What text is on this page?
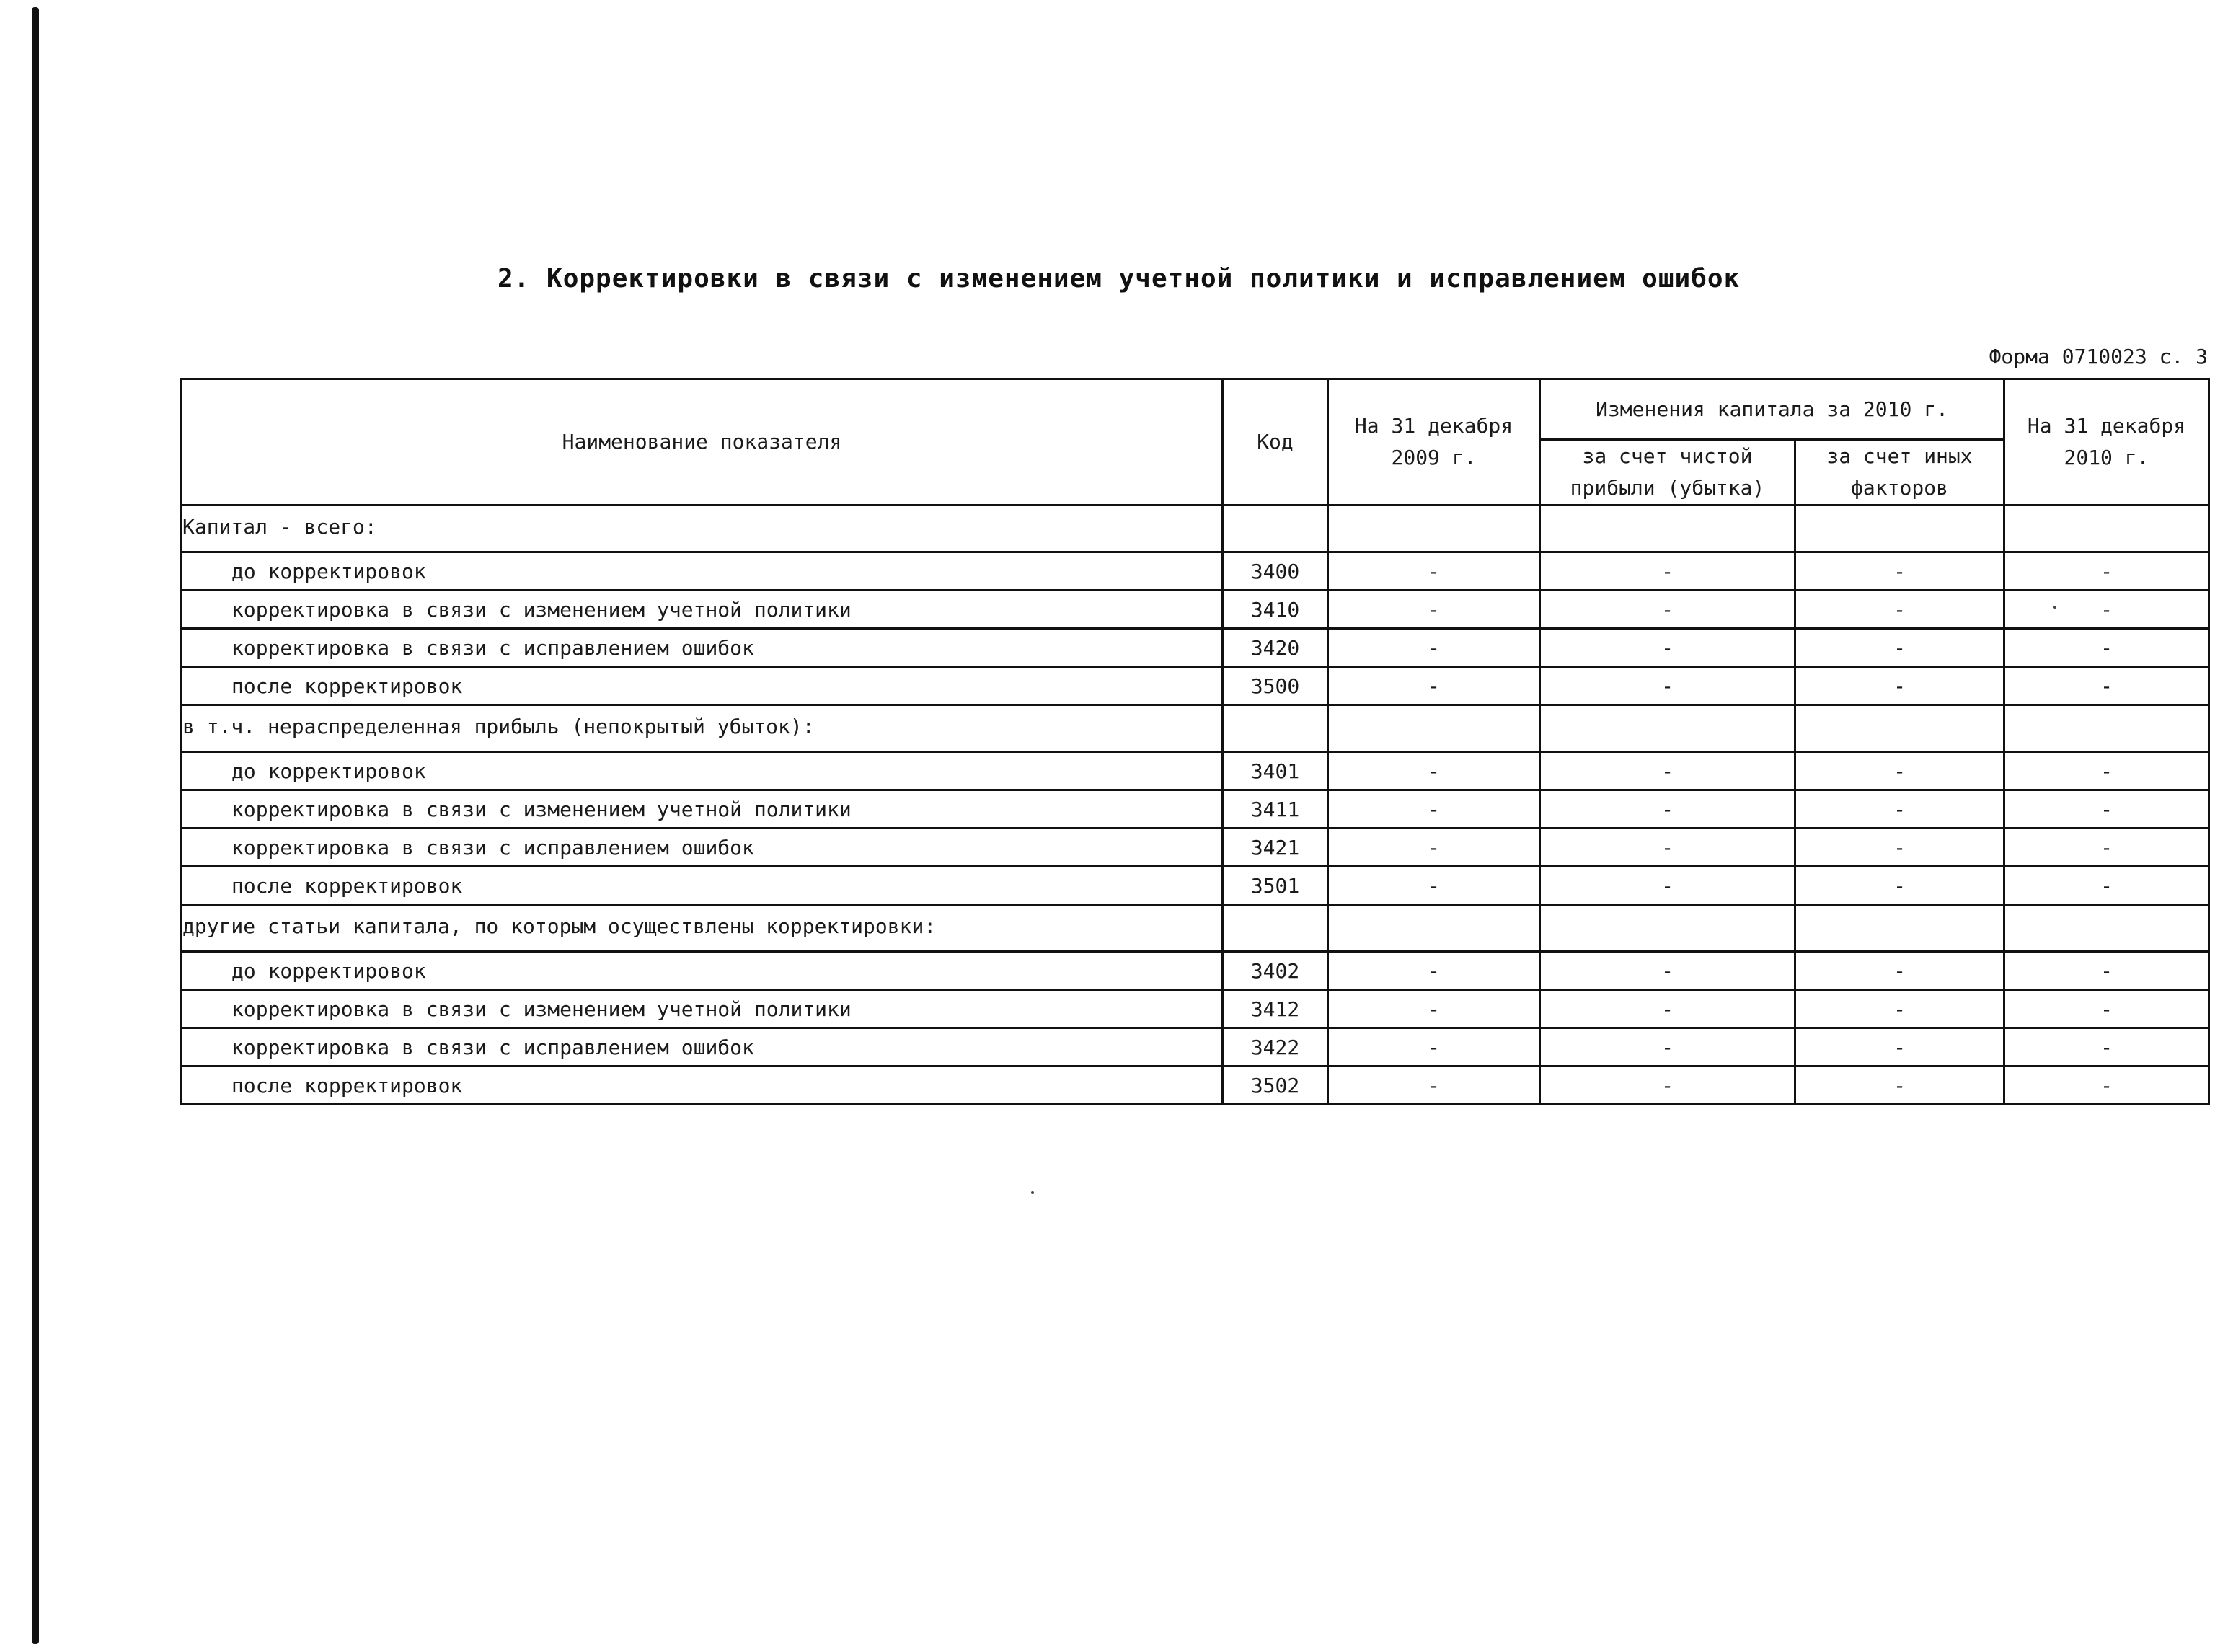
2. Корректировки в связи с изменением учетной политики и исправлением ошибок
Форма 0710023 с. 3
Наименование показателя	Код	На 31 декабря 2009 г.	Изменения капитала за 2010 г.		На 31 декабря 2010 г.
			за счет чистой прибыли (убытка)	за счет иных факторов	
Капитал - всего:					
до корректировок	3400	-	-	-	-
корректировка в связи с изменением учетной политики	3410	-	-	-	-
корректировка в связи с исправлением ошибок	3420	-	-	-	-
после корректировок	3500	-	-	-	-
в т.ч. нераспределенная прибыль (непокрытый убыток):					
до корректировок	3401	-	-	-	-
корректировка в связи с изменением учетной политики	3411	-	-	-	-
корректировка в связи с исправлением ошибок	3421	-	-	-	-
после корректировок	3501	-	-	-	-
другие статьи капитала, по которым осуществлены корректировки:					
до корректировок	3402	-	-	-	-
корректировка в связи с изменением учетной политики	3412	-	-	-	-
корректировка в связи с исправлением ошибок	3422	-	-	-	-
после корректировок	3502	-	-	-	-
